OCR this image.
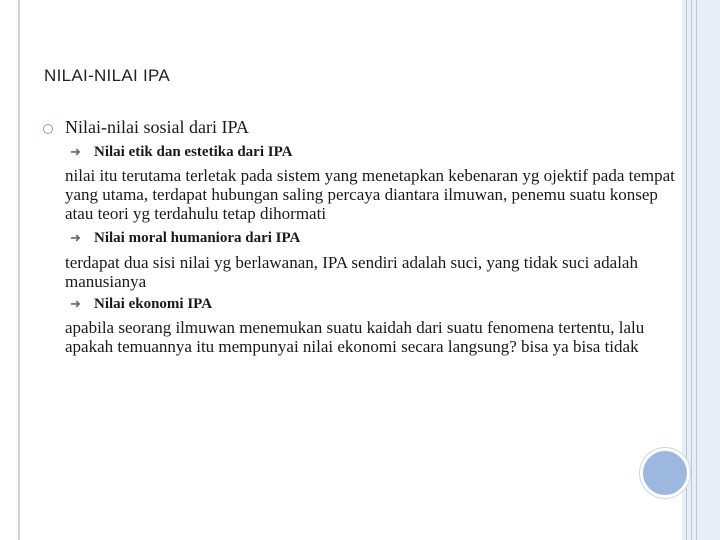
NILAI-NILAI IPA
Nilai-nilai sosial dari IPA
➜ Nilai etik dan estetika dari IPA
nilai itu terutama terletak pada sistem yang menetapkan kebenaran yg ojektif pada tempat yang utama, terdapat hubungan saling percaya diantara ilmuwan, penemu suatu konsep atau teori yg terdahulu tetap dihormati
➜ Nilai moral humaniora dari IPA
terdapat dua sisi nilai yg berlawanan, IPA sendiri adalah suci, yang tidak suci adalah manusianya
➜ Nilai ekonomi IPA
apabila seorang ilmuwan menemukan suatu kaidah dari suatu fenomena tertentu, lalu apakah temuannya itu mempunyai nilai ekonomi secara langsung? bisa ya bisa tidak
